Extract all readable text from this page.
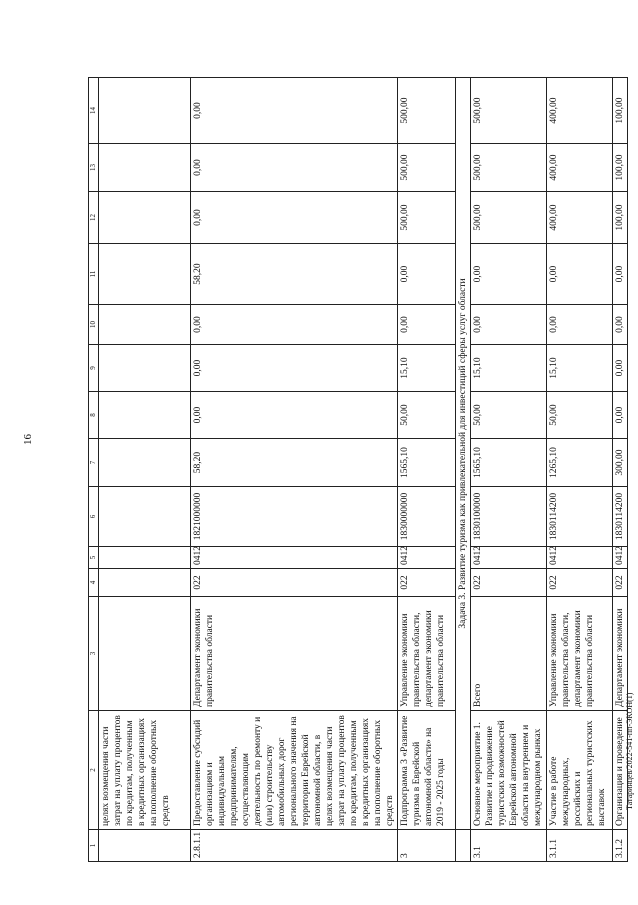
16
Татаринцев/2022-541-пп-ЭКОН(1)
1	2	3	4	5	6	7	8	9	10	11	12	13	14
	целях возмещения части затрат на уплату процентов по кредитам, полученным в кредитных организациях на пополнение оборотных средств												
2.8.1.1	Предоставление субсидий организациям и индивидуальным предпринимателям, осуществляющим деятельность по ремонту и (или) строительству автомобильных дорог регионального значения на территории Еврейской автономной области, в целях возмещения части затрат на уплату процентов по кредитам, полученным в кредитных организациях на пополнение оборотных средств	Департамент экономики правительства области	022	0412	1821000000	58,20	0,00	0,00	0,00	58,20	0,00	0,00	0,00
3	Подпрограмма 3 «Развитие туризма в Еврейской автономной области» на 2019 - 2025 годы	Управление экономики правительства области, департамент экономики правительства области	022	0412	1830000000	1565,10	50,00	15,10	0,00	0,00	500,00	500,00	500,00
	Задача 3. Развитие туризма как привлекательной для инвестиций сферы услуг области												
3.1	Основное мероприятие 1. Развитие и продвижение туристских возможностей Еврейской автономной области на внутреннем и международном рынках	Всего	022	0412	1830100000	1565,10	50,00	15,10	0,00	0,00	500,00	500,00	500,00
3.1.1	Участие в работе международных, российских и региональных туристских выставок	Управление экономики правительства области, департамент экономики правительства области	022	0412	1830114200	1265,10	50,00	15,10	0,00	0,00	400,00	400,00	400,00
3.1.2	Организация и проведение	Департамент экономики	022	0412	1830114200	300,00	0,00	0,00	0,00	0,00	100,00	100,00	100,00
